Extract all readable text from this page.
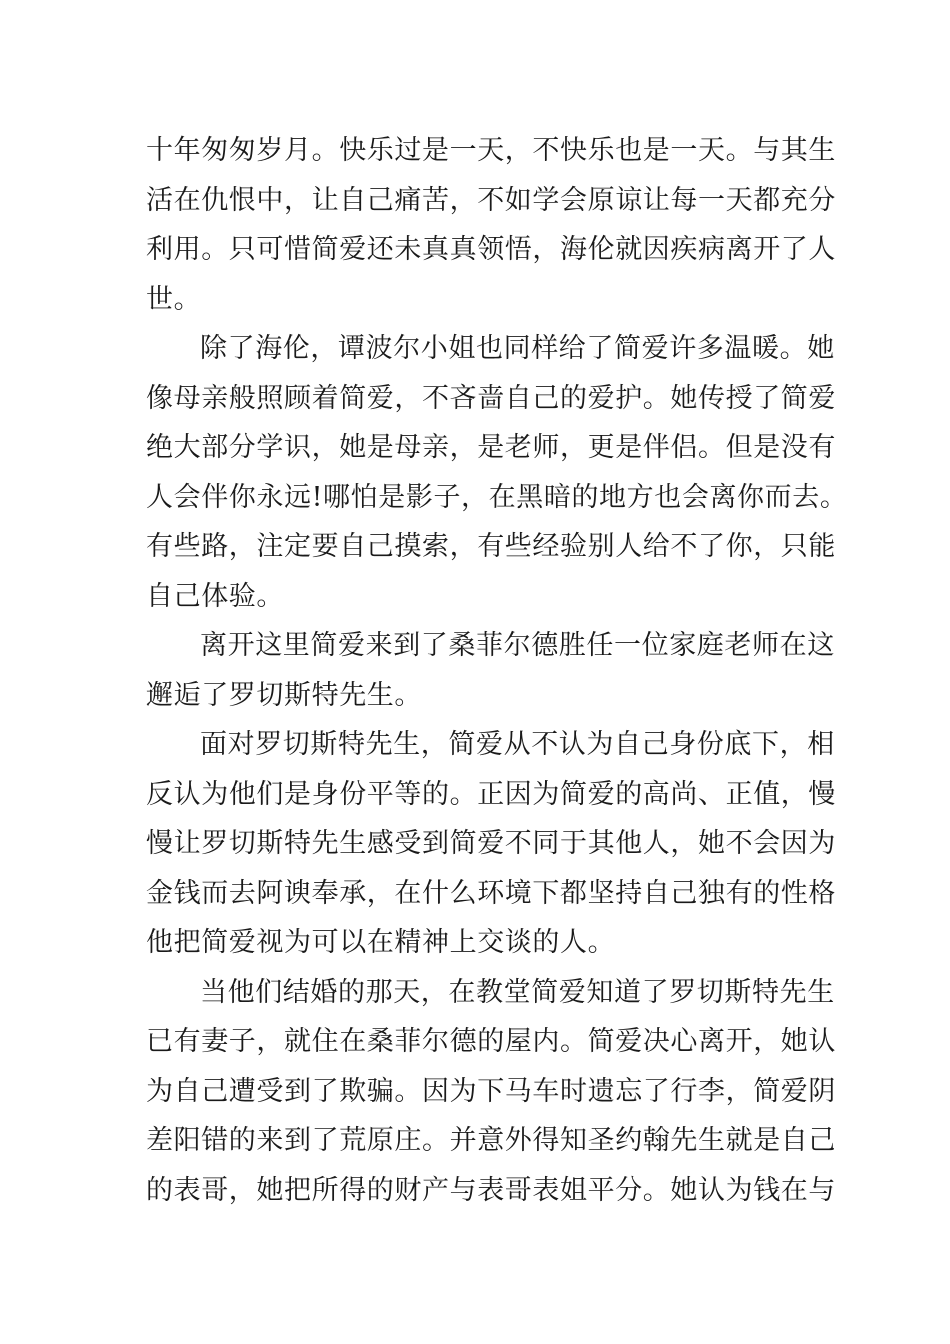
十年匆匆岁月。快乐过是一天，不快乐也是一天。与其生
活在仇恨中，让自己痛苦，不如学会原谅让每一天都充分
利用。只可惜简爱还未真真领悟，海伦就因疾病离开了人
世。
除了海伦，谭波尔小姐也同样给了简爱许多温暖。她
像母亲般照顾着简爱，不吝啬自己的爱护。她传授了简爱
绝大部分学识，她是母亲，是老师，更是伴侣。但是没有
人会伴你永远!哪怕是影子，在黑暗的地方也会离你而去。
有些路，注定要自己摸索，有些经验别人给不了你，只能
自己体验。
离开这里简爱来到了桑菲尔德胜任一位家庭老师在这
邂逅了罗切斯特先生。
面对罗切斯特先生，简爱从不认为自己身份底下，相
反认为他们是身份平等的。正因为简爱的高尚、正值，慢
慢让罗切斯特先生感受到简爱不同于其他人，她不会因为
金钱而去阿谀奉承，在什么环境下都坚持自己独有的性格
他把简爱视为可以在精神上交谈的人。
当他们结婚的那天，在教堂简爱知道了罗切斯特先生
已有妻子，就住在桑菲尔德的屋内。简爱决心离开，她认
为自己遭受到了欺骗。因为下马车时遗忘了行李，简爱阴
差阳错的来到了荒原庄。并意外得知圣约翰先生就是自己
的表哥，她把所得的财产与表哥表姐平分。她认为钱在与
